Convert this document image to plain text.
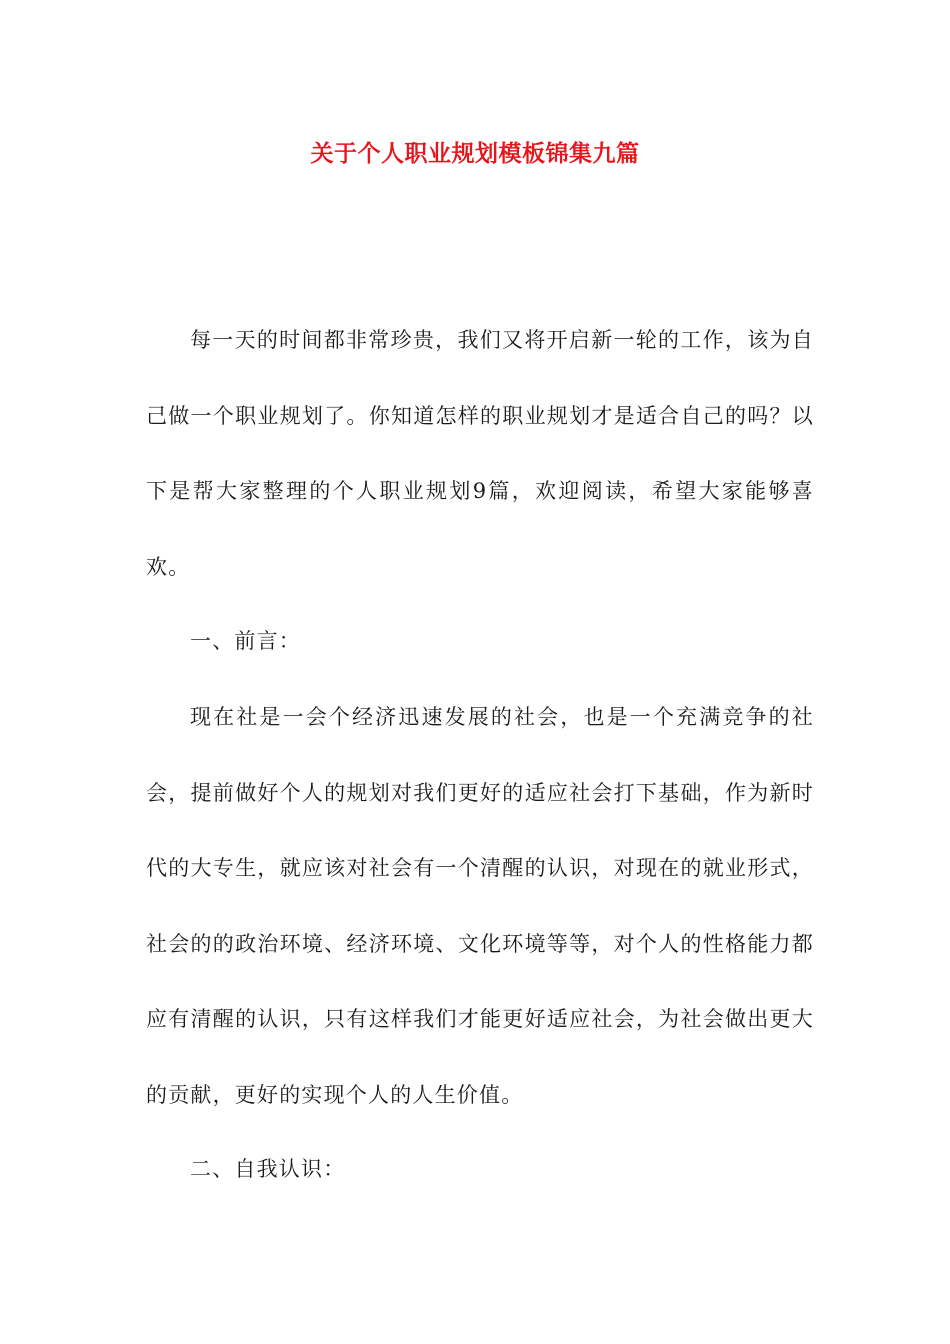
关于个人职业规划模板锦集九篇

每一天的时间都非常珍贵，我们又将开启新一轮的工作，该为自己做一个职业规划了。你知道怎样的职业规划才是适合自己的吗？以下是帮大家整理的个人职业规划9篇，欢迎阅读，希望大家能够喜欢。

一、前言：

现在社是一会个经济迅速发展的社会，也是一个充满竞争的社会，提前做好个人的规划对我们更好的适应社会打下基础，作为新时代的大专生，就应该对社会有一个清醒的认识，对现在的就业形式，社会的的政治环境、经济环境、文化环境等等，对个人的性格能力都应有清醒的认识，只有这样我们才能更好适应社会，为社会做出更大的贡献，更好的实现个人的人生价值。

二、自我认识：
